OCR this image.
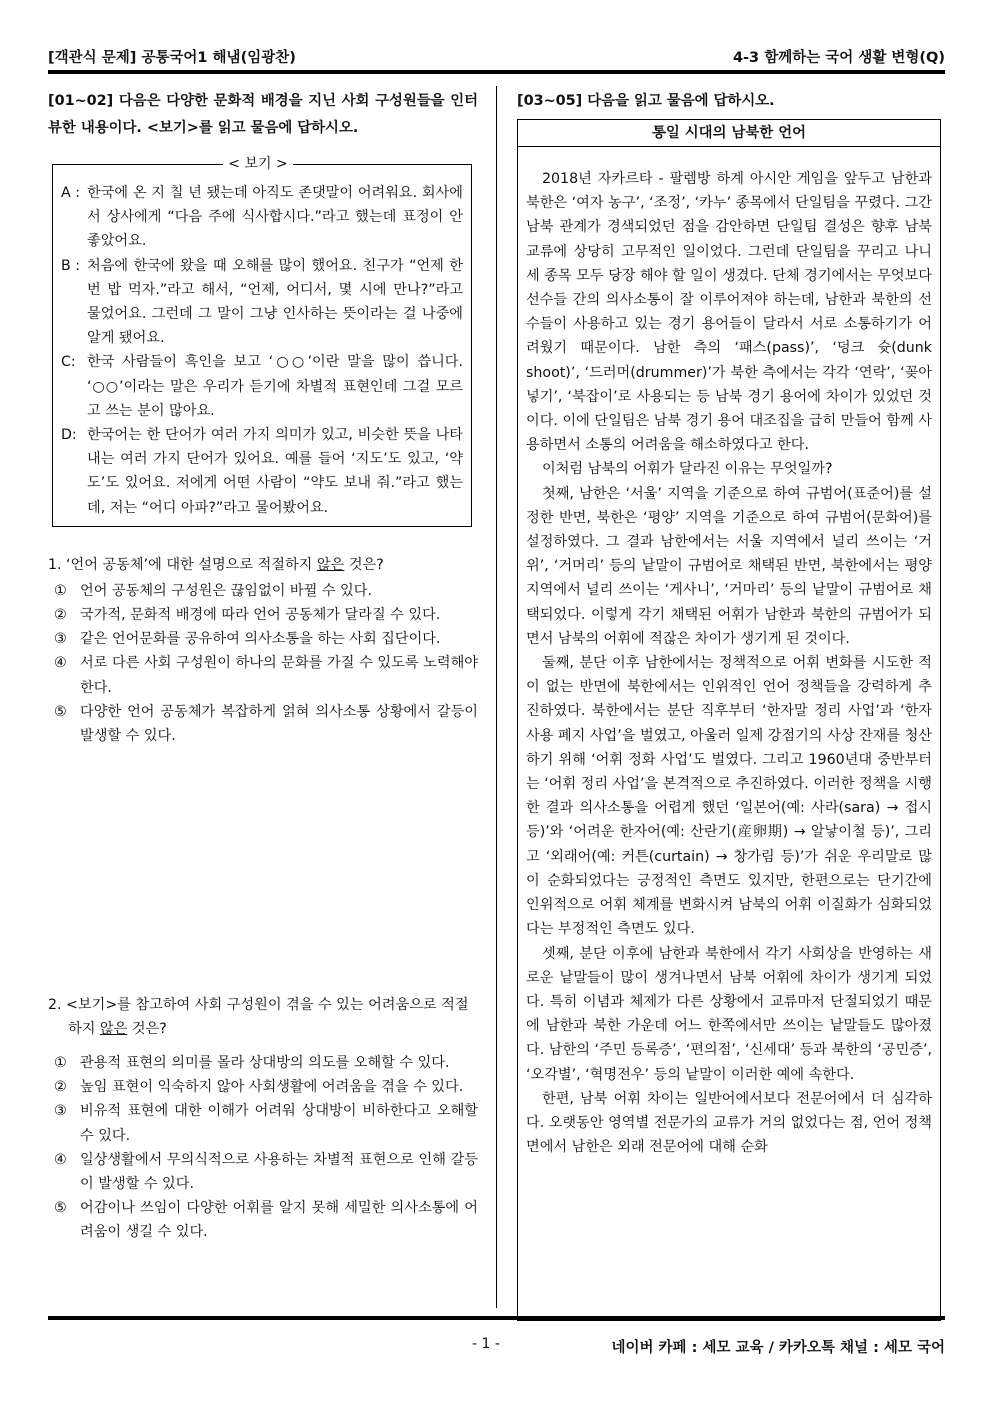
[객관식 문제] 공통국어1 해냄(임광찬)	4-3 함께하는 국어 생활 변형(Q)
[01~02] 다음은 다양한 문화적 배경을 지닌 사회 구성원들을 인터뷰한 내용이다. <보기>를 읽고 물음에 답하시오.
< 보기 >
A : 한국에 온 지 칠 년 됐는데 아직도 존댓말이 어려워요. 회사에서 상사에게 “다음 주에 식사합시다.”라고 했는데 표정이 안 좋았어요.
B : 처음에 한국에 왔을 때 오해를 많이 했어요. 친구가 “언제 한번 밥 먹자.”라고 해서, “언제, 어디서, 몇 시에 만나?”라고 물었어요. 그런데 그 말이 그냥 인사하는 뜻이라는 걸 나중에 알게 됐어요.
C: 한국 사람들이 흑인을 보고 ‘○○’이란 말을 많이 씁니다. ‘○○’이라는 말은 우리가 듣기에 차별적 표현인데 그걸 모르고 쓰는 분이 많아요.
D: 한국어는 한 단어가 여러 가지 의미가 있고, 비슷한 뜻을 나타내는 여러 가지 단어가 있어요. 예를 들어 ‘지도’도 있고, ‘약도’도 있어요. 저에게 어떤 사람이 “약도 보내 줘.”라고 했는데, 저는 “어디 아파?”라고 물어봤어요.
1. ‘언어 공동체’에 대한 설명으로 적절하지 않은 것은?
① 언어 공동체의 구성원은 끊임없이 바뀔 수 있다.
② 국가적, 문화적 배경에 따라 언어 공동체가 달라질 수 있다.
③ 같은 언어문화를 공유하여 의사소통을 하는 사회 집단이다.
④ 서로 다른 사회 구성원이 하나의 문화를 가질 수 있도록 노력해야 한다.
⑤ 다양한 언어 공동체가 복잡하게 얽혀 의사소통 상황에서 갈등이 발생할 수 있다.
2. <보기>를 참고하여 사회 구성원이 겪을 수 있는 어려움으로 적절하지 않은 것은?
① 관용적 표현의 의미를 몰라 상대방의 의도를 오해할 수 있다.
② 높임 표현이 익숙하지 않아 사회생활에 어려움을 겪을 수 있다.
③ 비유적 표현에 대한 이해가 어려워 상대방이 비하한다고 오해할 수 있다.
④ 일상생활에서 무의식적으로 사용하는 차별적 표현으로 인해 갈등이 발생할 수 있다.
⑤ 어감이나 쓰임이 다양한 어휘를 알지 못해 세밀한 의사소통에 어려움이 생길 수 있다.
[03~05] 다음을 읽고 물음에 답하시오.
통일 시대의 남북한 언어

2018년 자카르타 - 팔렘방 하계 아시안 게임을 앞두고 남한과 북한은 ‘여자 농구’, ‘조정’, ‘카누’ 종목에서 단일팀을 꾸렸다. 그간 남북 관계가 경색되었던 점을 감안하면 단일팀 결성은 향후 남북 교류에 상당히 고무적인 일이었다. 그런데 단일팀을 꾸리고 나니 세 종목 모두 당장 해야 할 일이 생겼다. 단체 경기에서는 무엇보다 선수들 간의 의사소통이 잘 이루어져야 하는데, 남한과 북한의 선수들이 사용하고 있는 경기 용어들이 달라서 서로 소통하기가 어려웠기 때문이다. 남한 측의 ‘패스(pass)’, ‘덩크 슛(dunk shoot)’, ‘드러머(drummer)’가 북한 측에서는 각각 ‘연락’, ‘꽂아넣기’, ‘북잡이’로 사용되는 등 남북 경기 용어에 차이가 있었던 것이다. 이에 단일팀은 남북 경기 용어 대조집을 급히 만들어 함께 사용하면서 소통의 어려움을 해소하였다고 한다.

이처럼 남북의 어휘가 달라진 이유는 무엇일까?

첫째, 남한은 ‘서울’ 지역을 기준으로 하여 규범어(표준어)를 설정한 반면, 북한은 ‘평양’ 지역을 기준으로 하여 규범어(문화어)를 설정하였다. 그 결과 남한에서는 서울 지역에서 널리 쓰이는 ‘거위’, ‘거머리’ 등의 낱말이 규범어로 채택된 반면, 북한에서는 평양 지역에서 널리 쓰이는 ‘게사니’, ‘거마리’ 등의 낱말이 규범어로 채택되었다. 이렇게 각기 채택된 어휘가 남한과 북한의 규범어가 되면서 남북의 어휘에 적잖은 차이가 생기게 된 것이다.

둘째, 분단 이후 남한에서는 정책적으로 어휘 변화를 시도한 적이 없는 반면에 북한에서는 인위적인 언어 정책들을 강력하게 추진하였다. 북한에서는 분단 직후부터 ‘한자말 정리 사업’과 ‘한자 사용 폐지 사업’을 벌였고, 아울러 일제 강점기의 사상 잔재를 청산하기 위해 ‘어휘 정화 사업’도 벌였다. 그리고 1960년대 중반부터는 ‘어휘 정리 사업’을 본격적으로 추진하였다. 이러한 정책을 시행한 결과 의사소통을 어렵게 했던 ‘일본어(예: 사라(sara) → 접시 등)’와 ‘어려운 한자어(예: 산란기(産卵期) → 알낳이철 등)’, 그리고 ‘외래어(예: 커튼(curtain) → 창가림 등)’가 쉬운 우리말로 많이 순화되었다는 긍정적인 측면도 있지만, 한편으로는 단기간에 인위적으로 어휘 체계를 변화시켜 남북의 어휘 이질화가 심화되었다는 부정적인 측면도 있다.

셋째, 분단 이후에 남한과 북한에서 각기 사회상을 반영하는 새로운 낱말들이 많이 생겨나면서 남북 어휘에 차이가 생기게 되었다. 특히 이념과 체제가 다른 상황에서 교류마저 단절되었기 때문에 남한과 북한 가운데 어느 한쪽에서만 쓰이는 낱말들도 많아졌다. 남한의 ‘주민 등록증’, ‘편의점’, ‘신세대’ 등과 북한의 ‘공민증’, ‘오각별’, ‘혁명전우’ 등의 낱말이 이러한 예에 속한다.

한편, 남북 어휘 차이는 일반어에서보다 전문어에서 더 심각하다. 오랫동안 영역별 전문가의 교류가 거의 없었다는 점, 언어 정책 면에서 남한은 외래 전문어에 대해 순화

- 1 -	네이버 카페 : 세모 교육 / 카카오톡 채널 : 세모 국어
